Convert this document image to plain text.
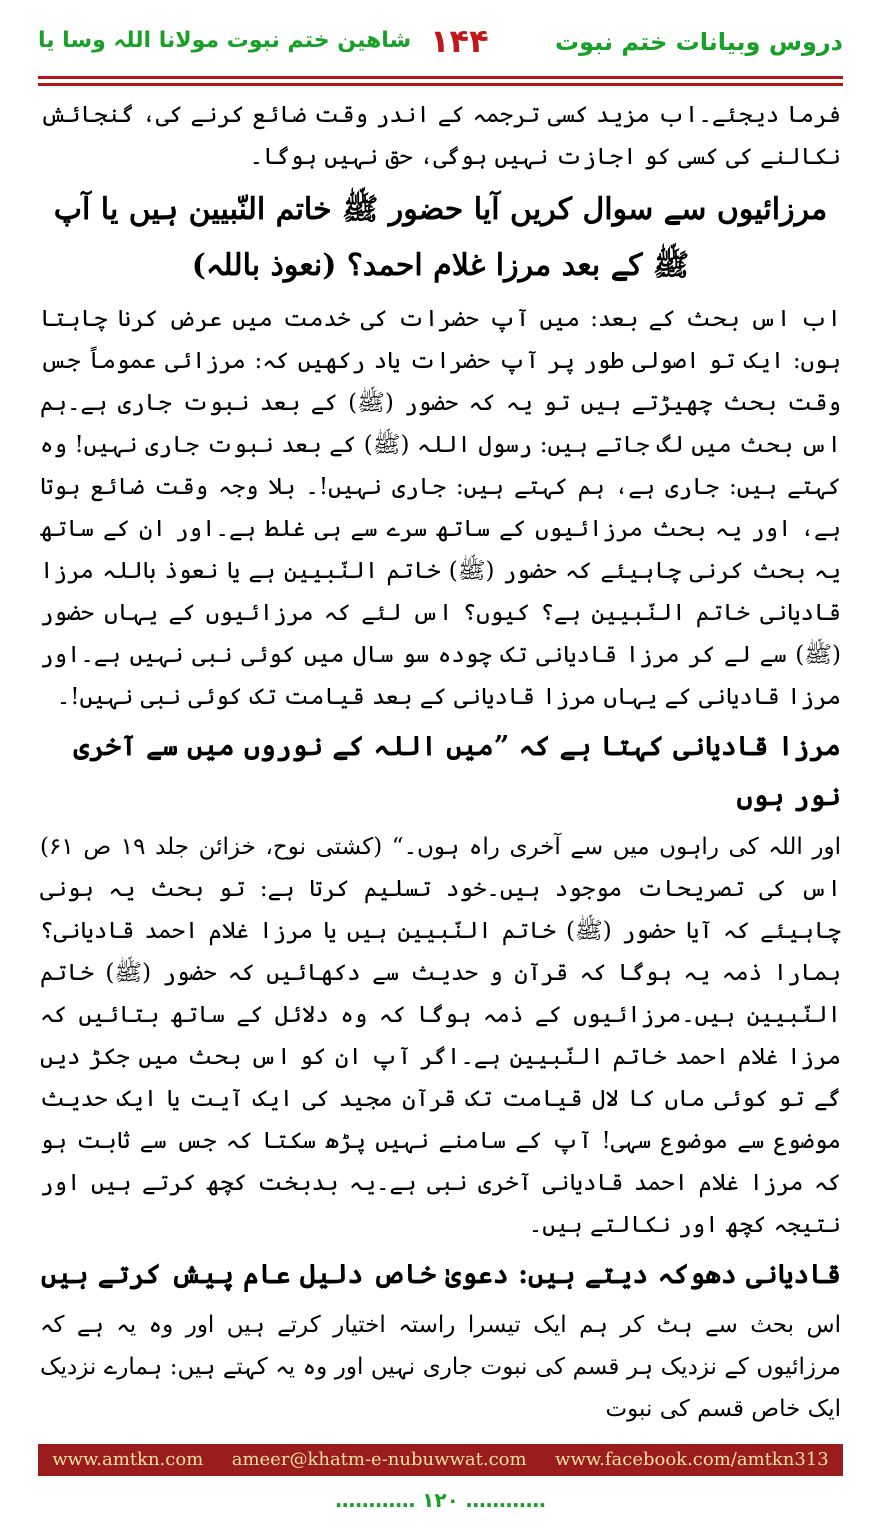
دروس وبیانات ختم نبوت
۱۴۴
شاهین ختم نبوت مولانا اللہ وسا یا

فرما دیجئے۔اب مزید کسی ترجمہ کے اندر وقت ضائع کرنے کی، گنجائش نکالنے کی کسی کو اجازت نہیں ہوگی، حق نہیں ہوگا۔

مرزائیوں سے سوال کریں آیا حضور ﷺ خاتم النّبیین ہیں یا آپ ﷺ کے بعد مرزا غلام احمد؟ (نعوذ باللہ)

اب اس بحث کے بعد: میں آپ حضرات کی خدمت میں عرض کرنا چاہتا ہوں: ایک تو اصولی طور پر آپ حضرات یاد رکھیں کہ: مرزائی عموماً جس وقت بحث چھیڑتے ہیں تو یہ کہ حضور (ﷺ) کے بعد نبوت جاری ہے۔ہم اس بحث میں لگ جاتے ہیں: رسول اللہ (ﷺ) کے بعد نبوت جاری نہیں! وہ کہتے ہیں: جاری ہے، ہم کہتے ہیں: جاری نہیں!۔ بلا وجہ وقت ضائع ہوتا ہے، اور یہ بحث مرزائیوں کے ساتھ سرے سے ہی غلط ہے۔اور ان کے ساتھ یہ بحث کرنی چاہیئے کہ حضور (ﷺ) خاتم النّبیین ہے یا نعوذ باللہ مرزا قادیانی خاتم النّبیین ہے؟ کیوں؟ اس لئے کہ مرزائیوں کے یہاں حضور (ﷺ) سے لے کر مرزا قادیانی تک چودہ سو سال میں کوئی نبی نہیں ہے۔اور مرزا قادیانی کے یہاں مرزا قادیانی کے بعد قیامت تک کوئی نبی نہیں!۔

مرزا قادیانی کہتا ہے کہ ”میں اللہ کے نوروں میں سے آخری نور ہوں

اور اللہ کی راہوں میں سے آخری راہ ہوں۔“ (کشتی نوح، خزائن جلد ۱۹ ص ۶۱) اس کی تصریحات موجود ہیں۔خود تسلیم کرتا ہے: تو بحث یہ ہونی چاہیئے کہ آیا حضور (ﷺ) خاتم النّبیین ہیں یا مرزا غلام احمد قادیانی؟ ہمارا ذمہ یہ ہوگا کہ قرآن و حدیث سے دکھائیں کہ حضور (ﷺ) خاتم النّبیین ہیں۔مرزائیوں کے ذمہ ہوگا کہ وہ دلائل کے ساتھ بتائیں کہ مرزا غلام احمد خاتم النّبیین ہے۔اگر آپ ان کو اس بحث میں جکڑ دیں گے تو کوئی ماں کا لال قیامت تک قرآن مجید کی ایک آیت یا ایک حدیث موضوع سے موضوع سہی! آپ کے سامنے نہیں پڑھ سکتا کہ جس سے ثابت ہو کہ مرزا غلام احمد قادیانی آخری نبی ہے۔یہ بدبخت کچھ کرتے ہیں اور نتیجہ کچھ اور نکالتے ہیں۔

قادیانی دھوکہ دیتے ہیں: دعویٰ خاص دلیل عام پیش کرتے ہیں

اس بحث سے ہٹ کر ہم ایک تیسرا راستہ اختیار کرتے ہیں اور وہ یہ ہے کہ مرزائیوں کے نزدیک ہر قسم کی نبوت جاری نہیں اور وہ یہ کہتے ہیں: ہمارے نزدیک ایک خاص قسم کی نبوت

www.amtkn.com ameer@khatm-e-nubuwwat.com www.facebook.com/amtkn313
………… ۱۲۰ …………
